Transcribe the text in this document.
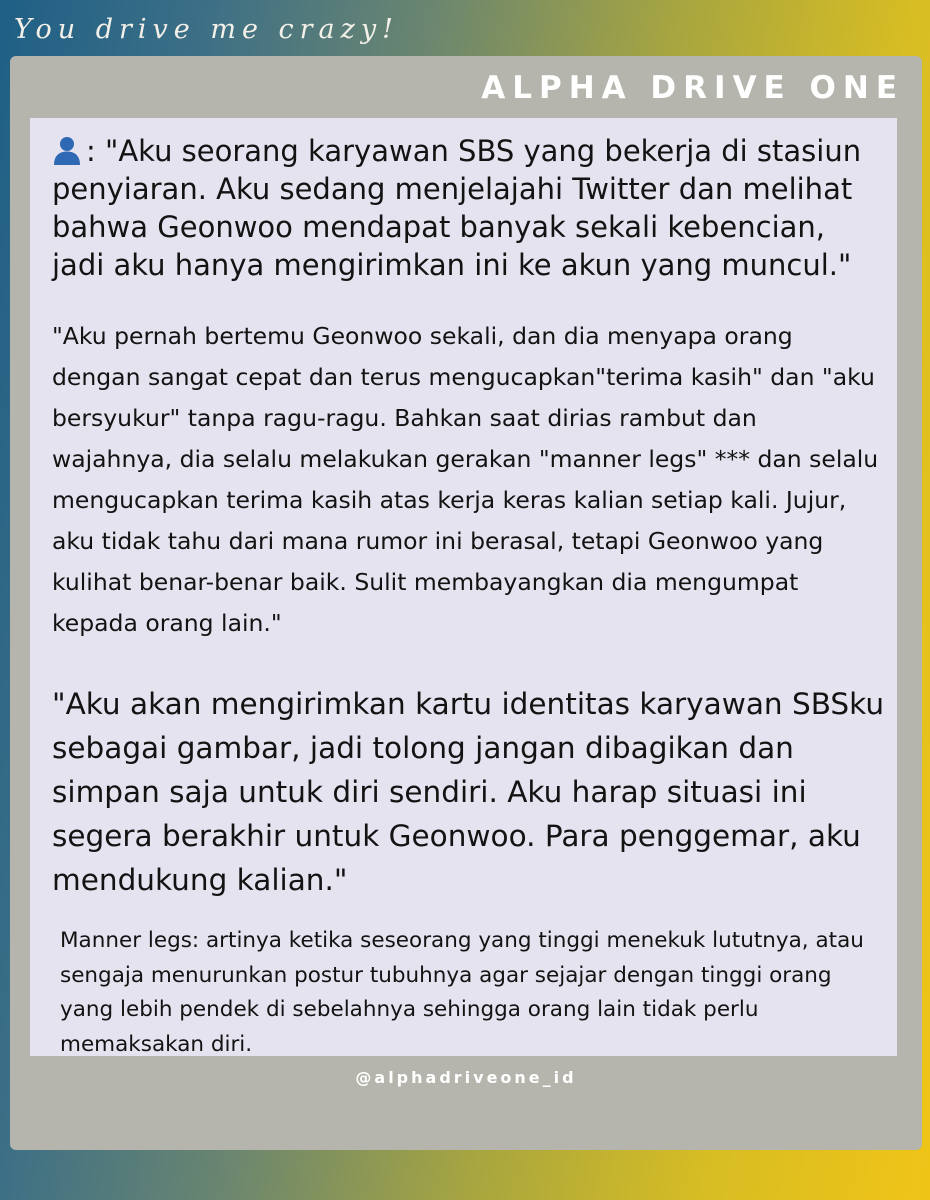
You drive me crazy!
ALPHA DRIVE ONE

: "Aku seorang karyawan SBS yang bekerja di stasiun penyiaran. Aku sedang menjelajahi Twitter dan melihat bahwa Geonwoo mendapat banyak sekali kebencian, jadi aku hanya mengirimkan ini ke akun yang muncul."

"Aku pernah bertemu Geonwoo sekali, dan dia menyapa orang dengan sangat cepat dan terus mengucapkan"terima kasih" dan "aku bersyukur" tanpa ragu-ragu. Bahkan saat dirias rambut dan wajahnya, dia selalu melakukan gerakan "manner legs" *** dan selalu mengucapkan terima kasih atas kerja keras kalian setiap kali. Jujur, aku tidak tahu dari mana rumor ini berasal, tetapi Geonwoo yang kulihat benar-benar baik. Sulit membayangkan dia mengumpat kepada orang lain."

"Aku akan mengirimkan kartu identitas karyawan SBSku sebagai gambar, jadi tolong jangan dibagikan dan simpan saja untuk diri sendiri. Aku harap situasi ini segera berakhir untuk Geonwoo. Para penggemar, aku mendukung kalian."

Manner legs: artinya ketika seseorang yang tinggi menekuk lututnya, atau sengaja menurunkan postur tubuhnya agar sejajar dengan tinggi orang yang lebih pendek di sebelahnya sehingga orang lain tidak perlu memaksakan diri.

@alphadriveone_id
